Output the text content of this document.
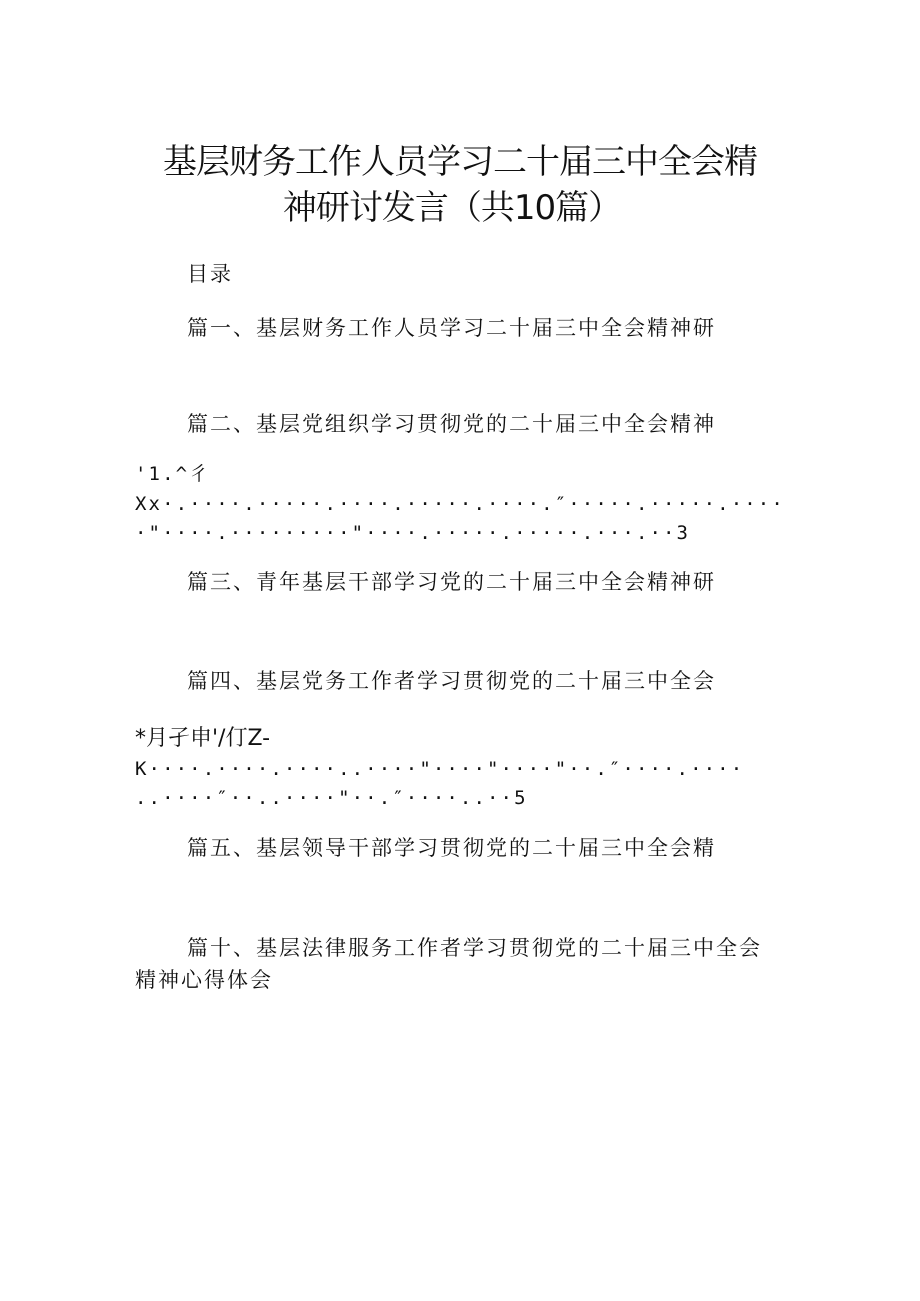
基层财务工作人员学习二十届三中全会精
神研讨发言（共10篇）
目录
篇一、基层财务工作人员学习二十届三中全会精神研
篇二、基层党组织学习贯彻党的二十届三中全会精神
'1.^彳
Xx·.····.·····.····.·····.····.″·····.·····.····
·"····.·········"····.·····.·····.···.··3
篇三、青年基层干部学习党的二十届三中全会精神研
篇四、基层党务工作者学习贯彻党的二十届三中全会
*月孑申'/仃Z-
K····.····.····..····"····"····"··.″····.····
..····″··..····"··.″····..··5
篇五、基层领导干部学习贯彻党的二十届三中全会精
篇十、基层法律服务工作者学习贯彻党的二十届三中全会
精神心得体会
